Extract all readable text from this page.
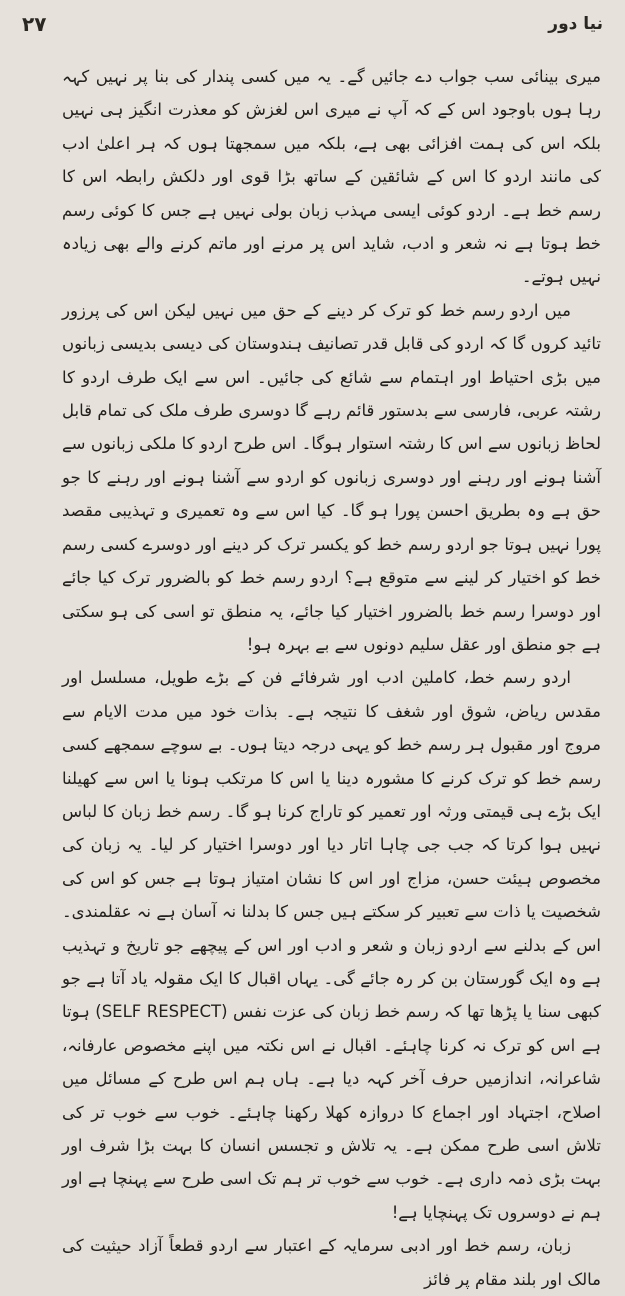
۲۷	نیا دور

میری بینائی سب جواب دے جائیں گے۔ یہ میں کسی پندار کی بنا پر نہیں کہہ رہا ہوں باوجود اس کے کہ آپ نے میری اس لغزش کو معذرت انگیز ہی نہیں بلکہ اس کی ہمت افزائی بھی ہے، بلکہ میں سمجھتا ہوں کہ ہر اعلیٰ ادب کی مانند اردو کا اس کے شائقین کے ساتھ بڑا قوی اور دلکش رابطہ اس کا رسم خط ہے۔ اردو کوئی ایسی مہذب زبان بولی نہیں ہے جس کا کوئی رسم خط ہوتا ہے نہ شعر و ادب، شاید اس پر مرنے اور ماتم کرنے والے بھی زیادہ نہیں ہوتے۔

میں اردو رسم خط کو ترک کر دینے کے حق میں نہیں لیکن اس کی پرزور تائید کروں گا کہ اردو کی قابل قدر تصانیف ہندوستان کی دیسی بدیسی زبانوں میں بڑی احتیاط اور اہتمام سے شائع کی جائیں۔ اس سے ایک طرف اردو کا رشتہ عربی، فارسی سے بدستور قائم رہے گا دوسری طرف ملک کی تمام قابل لحاظ زبانوں سے اس کا رشتہ استوار ہوگا۔ اس طرح اردو کا ملکی زبانوں سے آشنا ہونے اور رہنے اور دوسری زبانوں کو اردو سے آشنا ہونے اور رہنے کا جو حق ہے وہ بطریق احسن پورا ہو گا۔ کیا اس سے وہ تعمیری و تہذیبی مقصد پورا نہیں ہوتا جو اردو رسم خط کو یکسر ترک کر دینے اور دوسرے کسی رسم خط کو اختیار کر لینے سے متوقع ہے؟ اردو رسم خط کو بالضرور ترک کیا جائے اور دوسرا رسم خط بالضرور اختیار کیا جائے، یہ منطق تو اسی کی ہو سکتی ہے جو منطق اور عقل سلیم دونوں سے بے بہرہ ہو!

اردو رسم خط، کاملین ادب اور شرفائے فن کے بڑے طویل، مسلسل اور مقدس ریاض، شوق اور شغف کا نتیجہ ہے۔ بذات خود میں مدت الایام سے مروج اور مقبول ہر رسم خط کو یہی درجہ دیتا ہوں۔ بے سوچے سمجھے کسی رسم خط کو ترک کرنے کا مشورہ دینا یا اس کا مرتکب ہونا یا اس سے کھیلنا ایک بڑے ہی قیمتی ورثہ اور تعمیر کو تاراج کرنا ہو گا۔ رسم خط زبان کا لباس نہیں ہوا کرتا کہ جب جی چاہا اتار دیا اور دوسرا اختیار کر لیا۔ یہ زبان کی مخصوص ہیئت حسن، مزاج اور اس کا نشان امتیاز ہوتا ہے جس کو اس کی شخصیت یا ذات سے تعبیر کر سکتے ہیں جس کا بدلنا نہ آسان ہے نہ عقلمندی۔ اس کے بدلنے سے اردو زبان و شعر و ادب اور اس کے پیچھے جو تاریخ و تہذیب ہے وہ ایک گورستان بن کر رہ جائے گی۔ یہاں اقبال کا ایک مقولہ یاد آتا ہے جو کبھی سنا یا پڑھا تھا کہ رسم خط زبان کی عزت نفس (SELF RESPECT) ہوتا ہے اس کو ترک نہ کرنا چاہئے۔ اقبال نے اس نکتہ میں اپنے مخصوص عارفانہ، شاعرانہ، اندازمیں حرف آخر کہہ دیا ہے۔ ہاں ہم اس طرح کے مسائل میں اصلاح، اجتہاد اور اجماع کا دروازہ کھلا رکھنا چاہئے۔ خوب سے خوب تر کی تلاش اسی طرح ممکن ہے۔ یہ تلاش و تجسس انسان کا بہت بڑا شرف اور بہت بڑی ذمہ داری ہے۔ خوب سے خوب تر ہم تک اسی طرح سے پہنچا ہے اور ہم نے دوسروں تک پہنچایا ہے!

زبان، رسم خط اور ادبی سرمایہ کے اعتبار سے اردو قطعاً آزاد حیثیت کی مالک اور بلند مقام پر فائز
